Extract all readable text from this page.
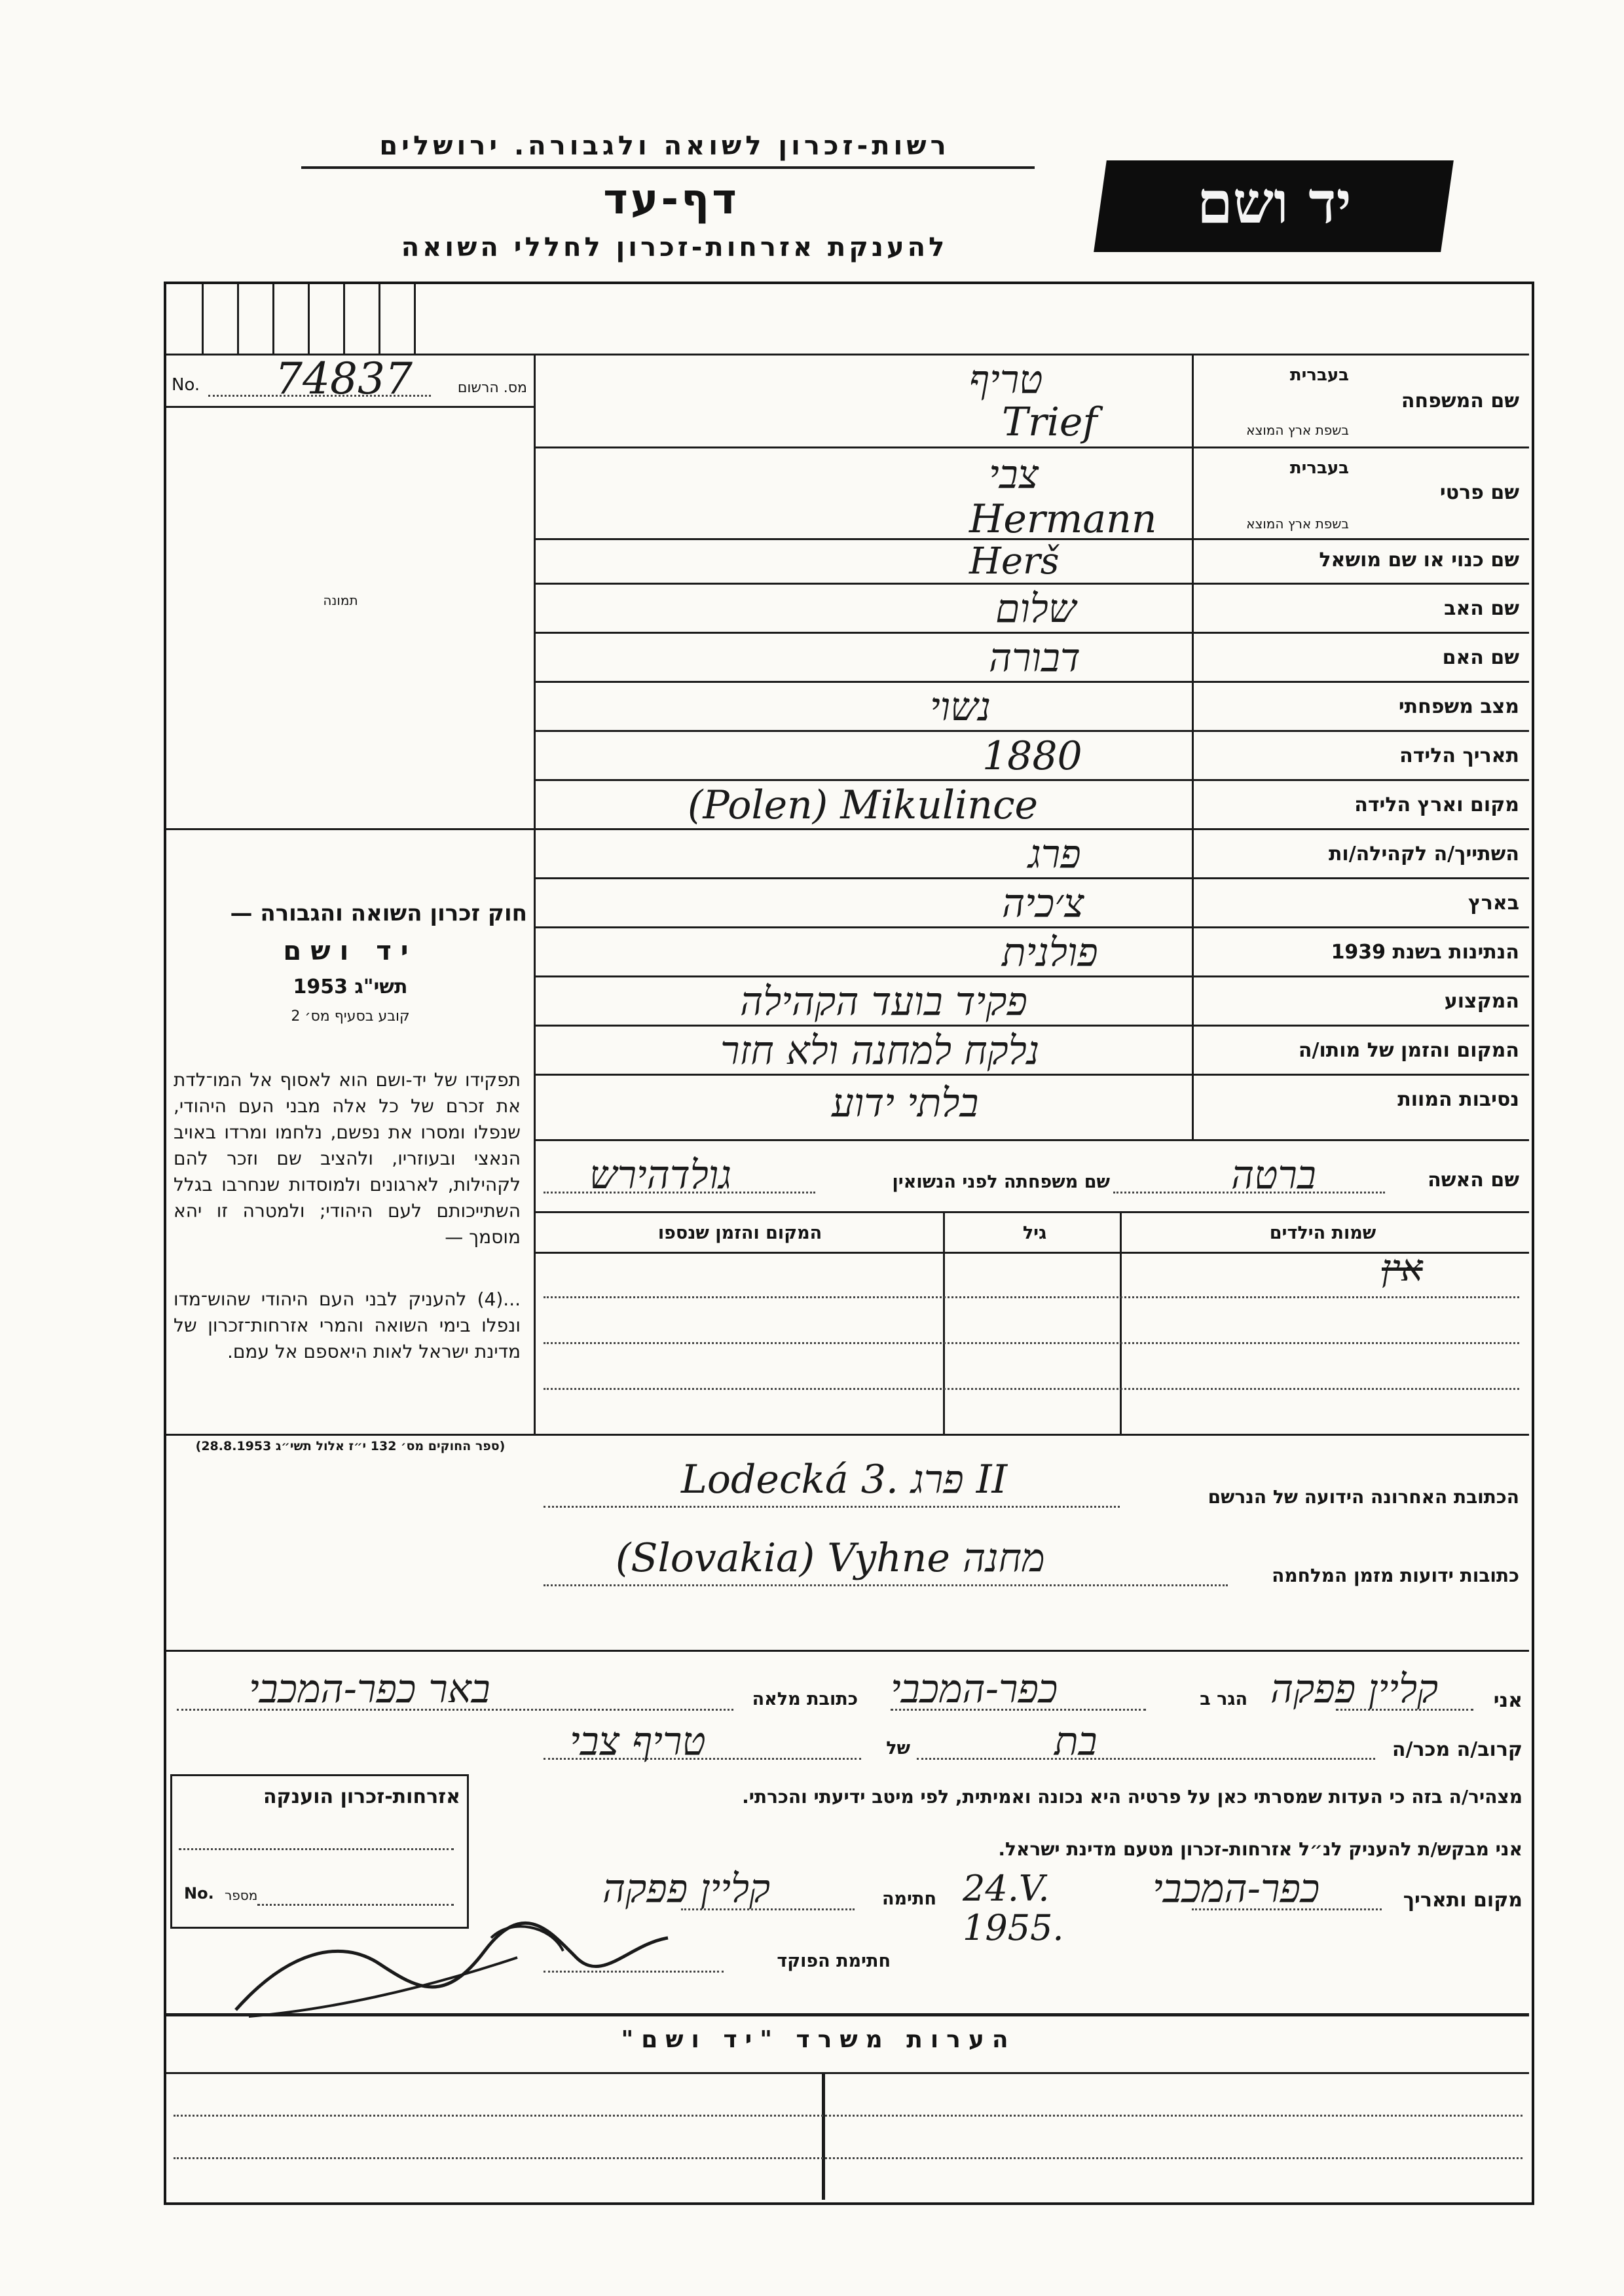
רשות-זכרון לשואה ולגבורה. ירושלים
דף-עד
להענקת אזרחות-זכרון לחללי השואה
יד ושם
No. 74837	מס. הרשום
תמונה
חוק זכרון השואה והגבורה —
יד ושם
תשי"ג 1953
קובע בסעיף מס׳ 2
תפקידו של יד-ושם הוא לאסוף אל המו־לדת את זכרם של כל אלה מבני העם היהודי, שנפלו ומסרו את נפשם, נלחמו ומרדו באויב הנאצי ובעוזריו, ולהציב שם וזכר להם לקהילות, לארגונים ולמוסדות שנחרבו בגלל השתייכותם לעם היהודי; ולמטרה זו יהא מוסמך —
...(4) להעניק לבני העם היהודי שהוש־מדו ונפלו בימי השואה והמרי אזרחות־זכרון של מדינת ישראל לאות היאספם אל עמם.
(ספר החוקים מס׳ 132 י״ז אלול תשי״ג 28.8.1953)
שם המשפחה
בעברית
בשפת ארץ המוצא
טריף
Trief
שם פרטי
בעברית
בשפת ארץ המוצא
צבי
Hermann
שם כנוי או שם מושאל
Herš
שם האב
שלום
שם האם
דבורה
מצב משפחתי
נשוי
תאריך הלידה
1880
מקום וארץ הלידה
(Polen) Mikulince
השתייך/ה לקהילה/ות
פרג
בארץ
צ׳כיה
הנתינות בשנת 1939
פולנית
המקצוע
פקיד בועד הקהילה
המקום והזמן של מותו/ה
נלקח למחנה ולא חזר
נסיבות המוות
בלתי ידוע
שם האשה
ברטה
שם משפחתה לפני הנשואין
גולדהירש
שמות הילדים
גיל
המקום והזמן שנספו
אין
הכתובת האחרונה הידועה של הנרשם
Lodecká 3. פרג II
כתובות ידועות מזמן המלחמה
(Slovakia) Vyhne מחנה
אני
קליין פפקה
הגר ב
כפר-המכבי
כתובת מלאה
באר כפר-המכבי
קרוב/ה מכר/ה
בת
של
טריף צבי
מצהיר/ה בזה כי העדות שמסרתי כאן על פרטיה היא נכונה ואמיתית, לפי מיטב ידיעתי והכרתי.
אני מבקש/ת להעניק לנ״ל אזרחות-זכרון מטעם מדינת ישראל.
מקום ותאריך
כפר-המכבי
24.V. 1955.
חתימה
קליין פפקה
חתימת הפוקד
אזרחות-זכרון הוענקה
No. מספר
הערות משרד "יד ושם"
